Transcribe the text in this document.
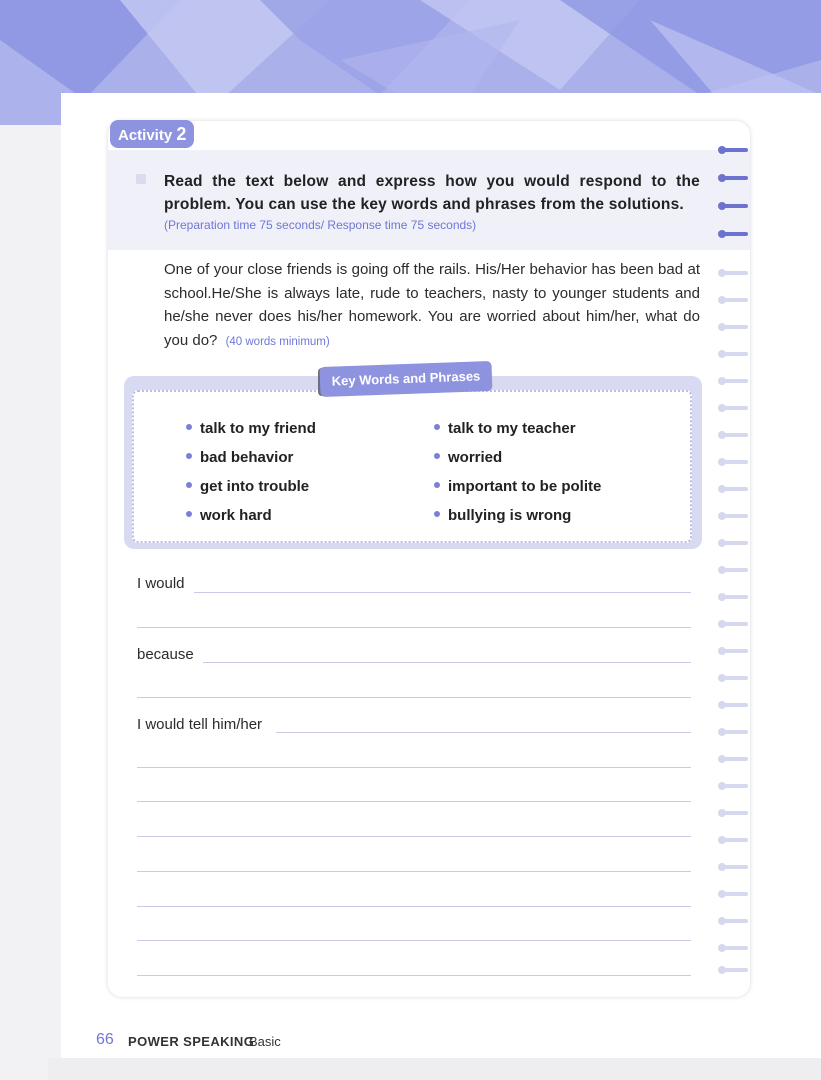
Activity 2
Read the text below and express how you would respond to the problem. You can use the key words and phrases from the solutions.
(Preparation time 75 seconds/ Response time 75 seconds)
One of your close friends is going off the rails. His/Her behavior has been bad at school.He/She is always late, rude to teachers, nasty to younger students and he/she never does his/her homework. You are worried about him/her, what do you do? (40 words minimum)
Key Words and Phrases
talk to my friend
bad behavior
get into trouble
work hard
talk to my teacher
worried
important to be polite
bullying is wrong
I would
because
I would tell him/her
66 POWER SPEAKING
Basic
